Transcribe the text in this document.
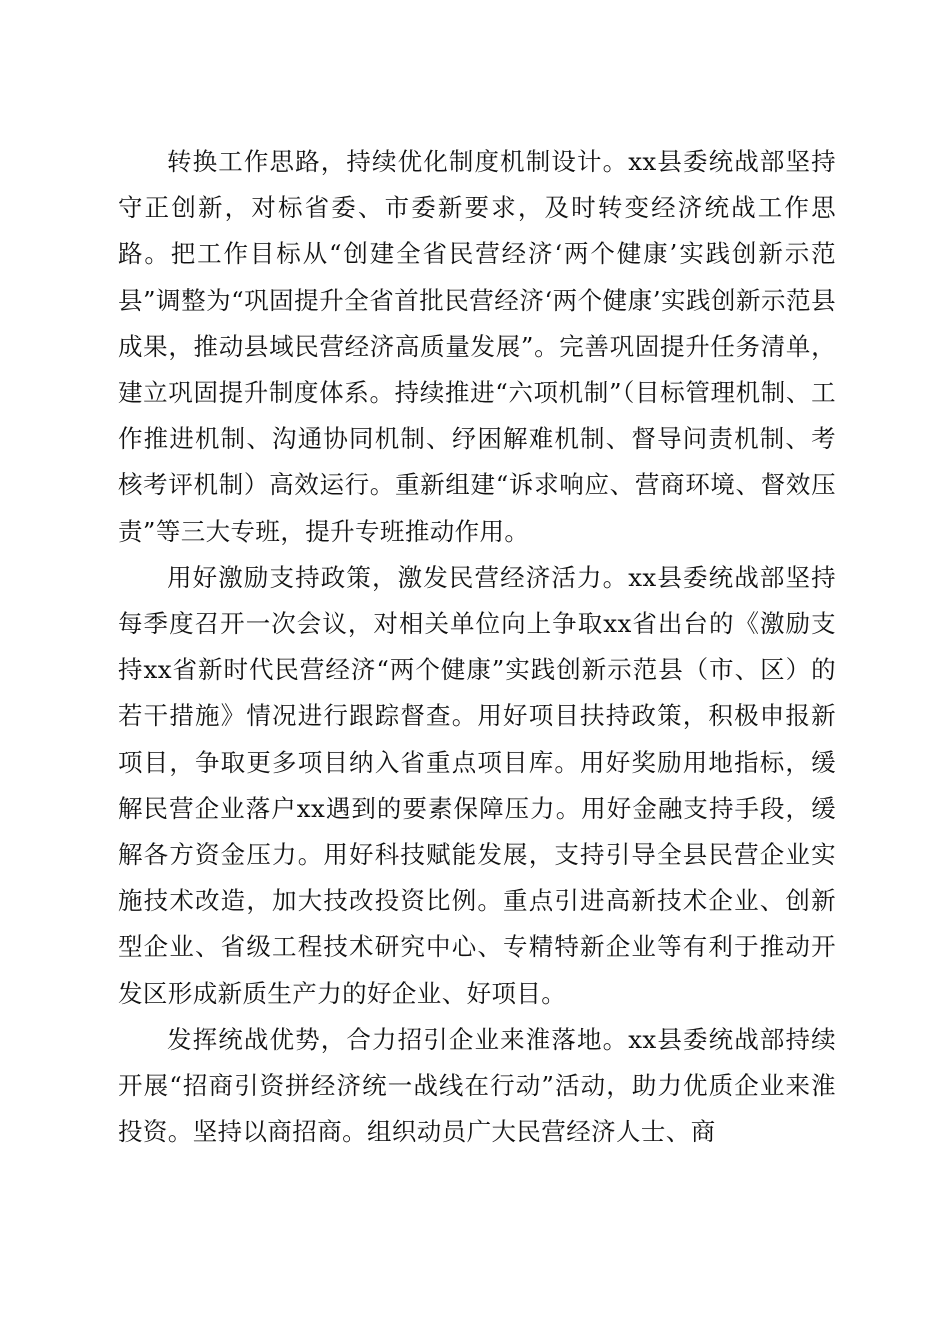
转换工作思路，持续优化制度机制设计。xx县委统战部坚持守正创新，对标省委、市委新要求，及时转变经济统战工作思路。把工作目标从“创建全省民营经济‘两个健康’实践创新示范县”调整为“巩固提升全省首批民营经济‘两个健康’实践创新示范县成果，推动县域民营经济高质量发展”。完善巩固提升任务清单，建立巩固提升制度体系。持续推进“六项机制”（目标管理机制、工作推进机制、沟通协同机制、纾困解难机制、督导问责机制、考核考评机制）高效运行。重新组建“诉求响应、营商环境、督效压责”等三大专班，提升专班推动作用。

用好激励支持政策，激发民营经济活力。xx县委统战部坚持每季度召开一次会议，对相关单位向上争取xx省出台的《激励支持xx省新时代民营经济“两个健康”实践创新示范县（市、区）的若干措施》情况进行跟踪督查。用好项目扶持政策，积极申报新项目，争取更多项目纳入省重点项目库。用好奖励用地指标，缓解民营企业落户xx遇到的要素保障压力。用好金融支持手段，缓解各方资金压力。用好科技赋能发展，支持引导全县民营企业实施技术改造，加大技改投资比例。重点引进高新技术企业、创新型企业、省级工程技术研究中心、专精特新企业等有利于推动开发区形成新质生产力的好企业、好项目。

发挥统战优势，合力招引企业来淮落地。xx县委统战部持续开展“招商引资拼经济统一战线在行动”活动，助力优质企业来淮投资。坚持以商招商。组织动员广大民营经济人士、商
